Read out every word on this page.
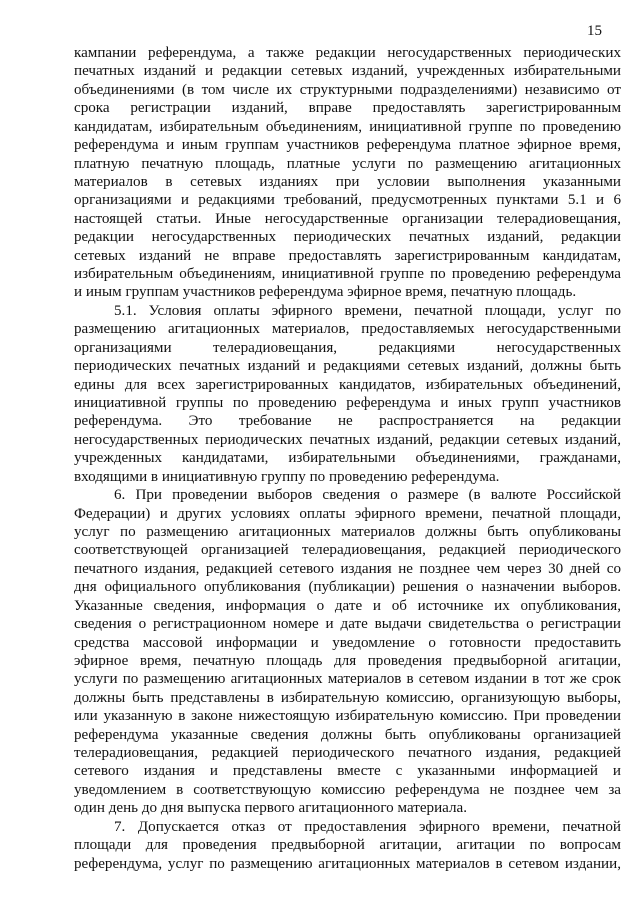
15

кампании референдума, а также редакции негосударственных периодических
печатных изданий и редакции сетевых изданий, учрежденных избирательными
объединениями (в том числе их структурными подразделениями) независимо от
срока регистрации изданий, вправе предоставлять зарегистрированным
кандидатам, избирательным объединениям, инициативной группе по проведению
референдума и иным группам участников референдума платное эфирное время,
платную печатную площадь, платные услуги по размещению агитационных
материалов в сетевых изданиях при условии выполнения указанными
организациями и редакциями требований, предусмотренных пунктами 5.1 и 6
настоящей статьи. Иные негосударственные организации телерадиовещания,
редакции негосударственных периодических печатных изданий, редакции
сетевых изданий не вправе предоставлять зарегистрированным кандидатам,
избирательным объединениям, инициативной группе по проведению референдума
и иным группам участников референдума эфирное время, печатную площадь.

5.1. Условия оплаты эфирного времени, печатной площади, услуг по
размещению агитационных материалов, предоставляемых негосударственными
организациями телерадиовещания, редакциями негосударственных
периодических печатных изданий и редакциями сетевых изданий, должны быть
едины для всех зарегистрированных кандидатов, избирательных объединений,
инициативной группы по проведению референдума и иных групп участников
референдума. Это требование не распространяется на редакции
негосударственных периодических печатных изданий, редакции сетевых изданий,
учрежденных кандидатами, избирательными объединениями, гражданами,
входящими в инициативную группу по проведению референдума.

6. При проведении выборов сведения о размере (в валюте Российской
Федерации) и других условиях оплаты эфирного времени, печатной площади,
услуг по размещению агитационных материалов должны быть опубликованы
соответствующей организацией телерадиовещания, редакцией периодического
печатного издания, редакцией сетевого издания не позднее чем через 30 дней со
дня официального опубликования (публикации) решения о назначении выборов.
Указанные сведения, информация о дате и об источнике их опубликования,
сведения о регистрационном номере и дате выдачи свидетельства о регистрации
средства массовой информации и уведомление о готовности предоставить
эфирное время, печатную площадь для проведения предвыборной агитации,
услуги по размещению агитационных материалов в сетевом издании в тот же срок
должны быть представлены в избирательную комиссию, организующую выборы,
или указанную в законе нижестоящую избирательную комиссию. При проведении
референдума указанные сведения должны быть опубликованы организацией
телерадиовещания, редакцией периодического печатного издания, редакцией
сетевого издания и представлены вместе с указанными информацией и
уведомлением в соответствующую комиссию референдума не позднее чем за
один день до дня выпуска первого агитационного материала.

7. Допускается отказ от предоставления эфирного времени, печатной
площади для проведения предвыборной агитации, агитации по вопросам
референдума, услуг по размещению агитационных материалов в сетевом издании,
